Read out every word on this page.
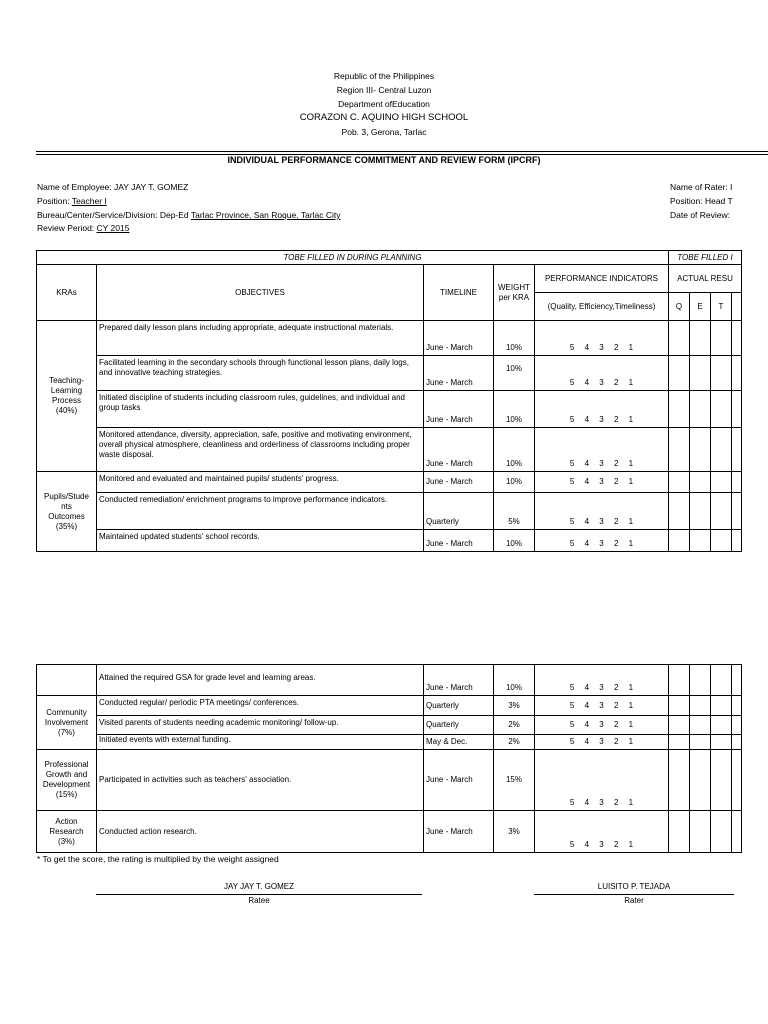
Republic of the Philippines
Region III- Central Luzon
Department ofEducation
CORAZON C. AQUINO HIGH SCHOOL
Pob. 3, Gerona, Tarlac
INDIVIDUAL PERFORMANCE COMMITMENT AND REVIEW FORM (IPCRF)
Name of Employee: JAY JAY T. GOMEZ
Position: Teacher I
Bureau/Center/Service/Division: Dep-Ed Tarlac Province, San Roque, Tarlac City
Review Period: CY 2015
Name of Rater: I
Position: Head T
Date of Review:
TOBE FILLED IN DURING PLANNING					TOBE FILLED I			
KRAs	OBJECTIVES	TIMELINE	WEIGHT per KRA	PERFORMANCE INDICATORS	ACTUAL RESU			
				(Quality, Efficiency,Timeliness)	Q	E	T	

Teaching-
Learning
Process
(40%)	Prepared daily lesson plans including appropriate, adequate instructional materials.	June - March	10%	5 4 3 2 1				
	Facilitated learning in the secondary schools through functional lesson plans, daily logs, and innovative teaching strategies.	June - March	10%	5 4 3 2 1				
	Initiated discipline of students including classroom rules, guidelines, and individual and group tasks	June - March	10%	5 4 3 2 1				
	Monitored attendance, diversity, appreciation, safe, positive and motivating environment, overall physical atmosphere, cleanliness and orderliness of classrooms including proper waste disposal.	June - March	10%	5 4 3 2 1				

Pupils/Stude
nts
Outcomes
(35%)	Monitored and evaluated and maintained pupils/ students' progress.	June - March	10%	5 4 3 2 1				
	Conducted remediation/ enrichment programs to improve performance indicators.	Quarterly	5%	5 4 3 2 1				
	Maintained updated students' school records.	June - March	10%	5 4 3 2 1				
	Attained the required GSA for grade level and learning areas.	June - March	10%	5 4 3 2 1				

Community
Involvement
(7%)	Conducted regular/ periodic PTA meetings/ conferences.	Quarterly	3%	5 4 3 2 1				
	Visited parents of students needing academic monitoring/ follow-up.	Quarterly	2%	5 4 3 2 1				
	Initiated events with external funding.	May & Dec.	2%	5 4 3 2 1				

Professional
Growth and
Development
(15%)	Participated in activities such as teachers' association.	June - March	15%	5 4 3 2 1				

Action
Research
(3%)	Conducted action research.	June - March	3%	5 4 3 2 1				
* To get the score, the rating is multiplied by the weight assigned
JAY JAY T. GOMEZ
Ratee
LUISITO P. TEJADA
Rater
